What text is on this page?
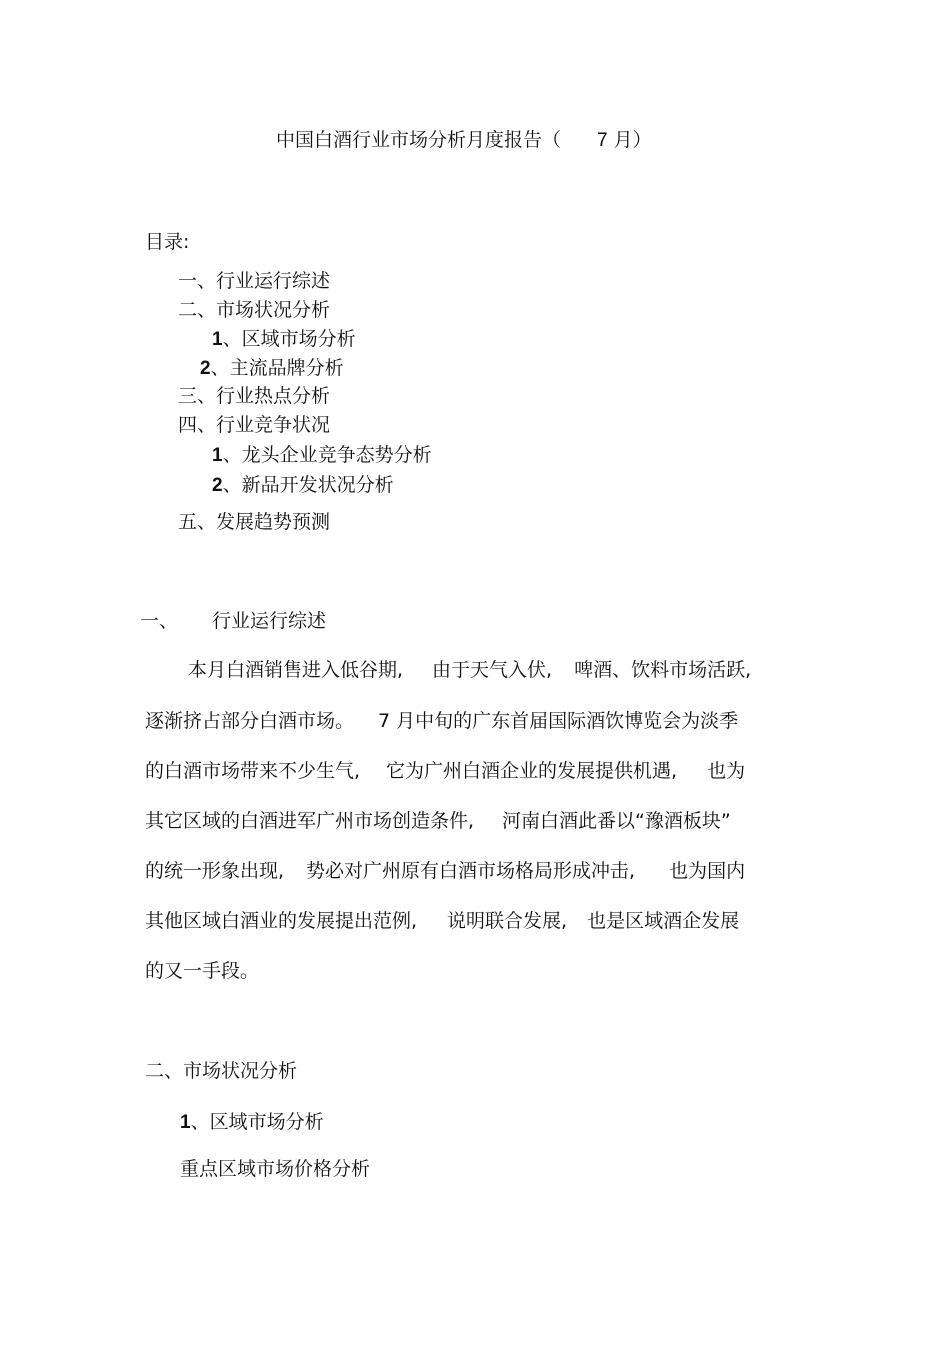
中国白酒行业市场分析月度报告（ 7 月）
目录:
一、行业运行综述
二、市场状况分析
1、区域市场分析
2、主流品牌分析
三、行业热点分析
四、行业竞争状况
1、龙头企业竞争态势分析
2、新品开发状况分析
五、发展趋势预测
一、 行业运行综述
本月白酒销售进入低谷期, 由于天气入伏, 啤酒、饮料市场活跃,
逐渐挤占部分白酒市场。 7 月中旬的广东首届国际酒饮博览会为淡季
的白酒市场带来不少生气, 它为广州白酒企业的发展提供机遇, 也为
其它区域的白酒进军广州市场创造条件, 河南白酒此番以“豫酒板块”
的统一形象出现, 势必对广州原有白酒市场格局形成冲击, 也为国内
其他区域白酒业的发展提出范例, 说明联合发展, 也是区域酒企发展
的又一手段。
二、市场状况分析
1、区域市场分析
重点区域市场价格分析
